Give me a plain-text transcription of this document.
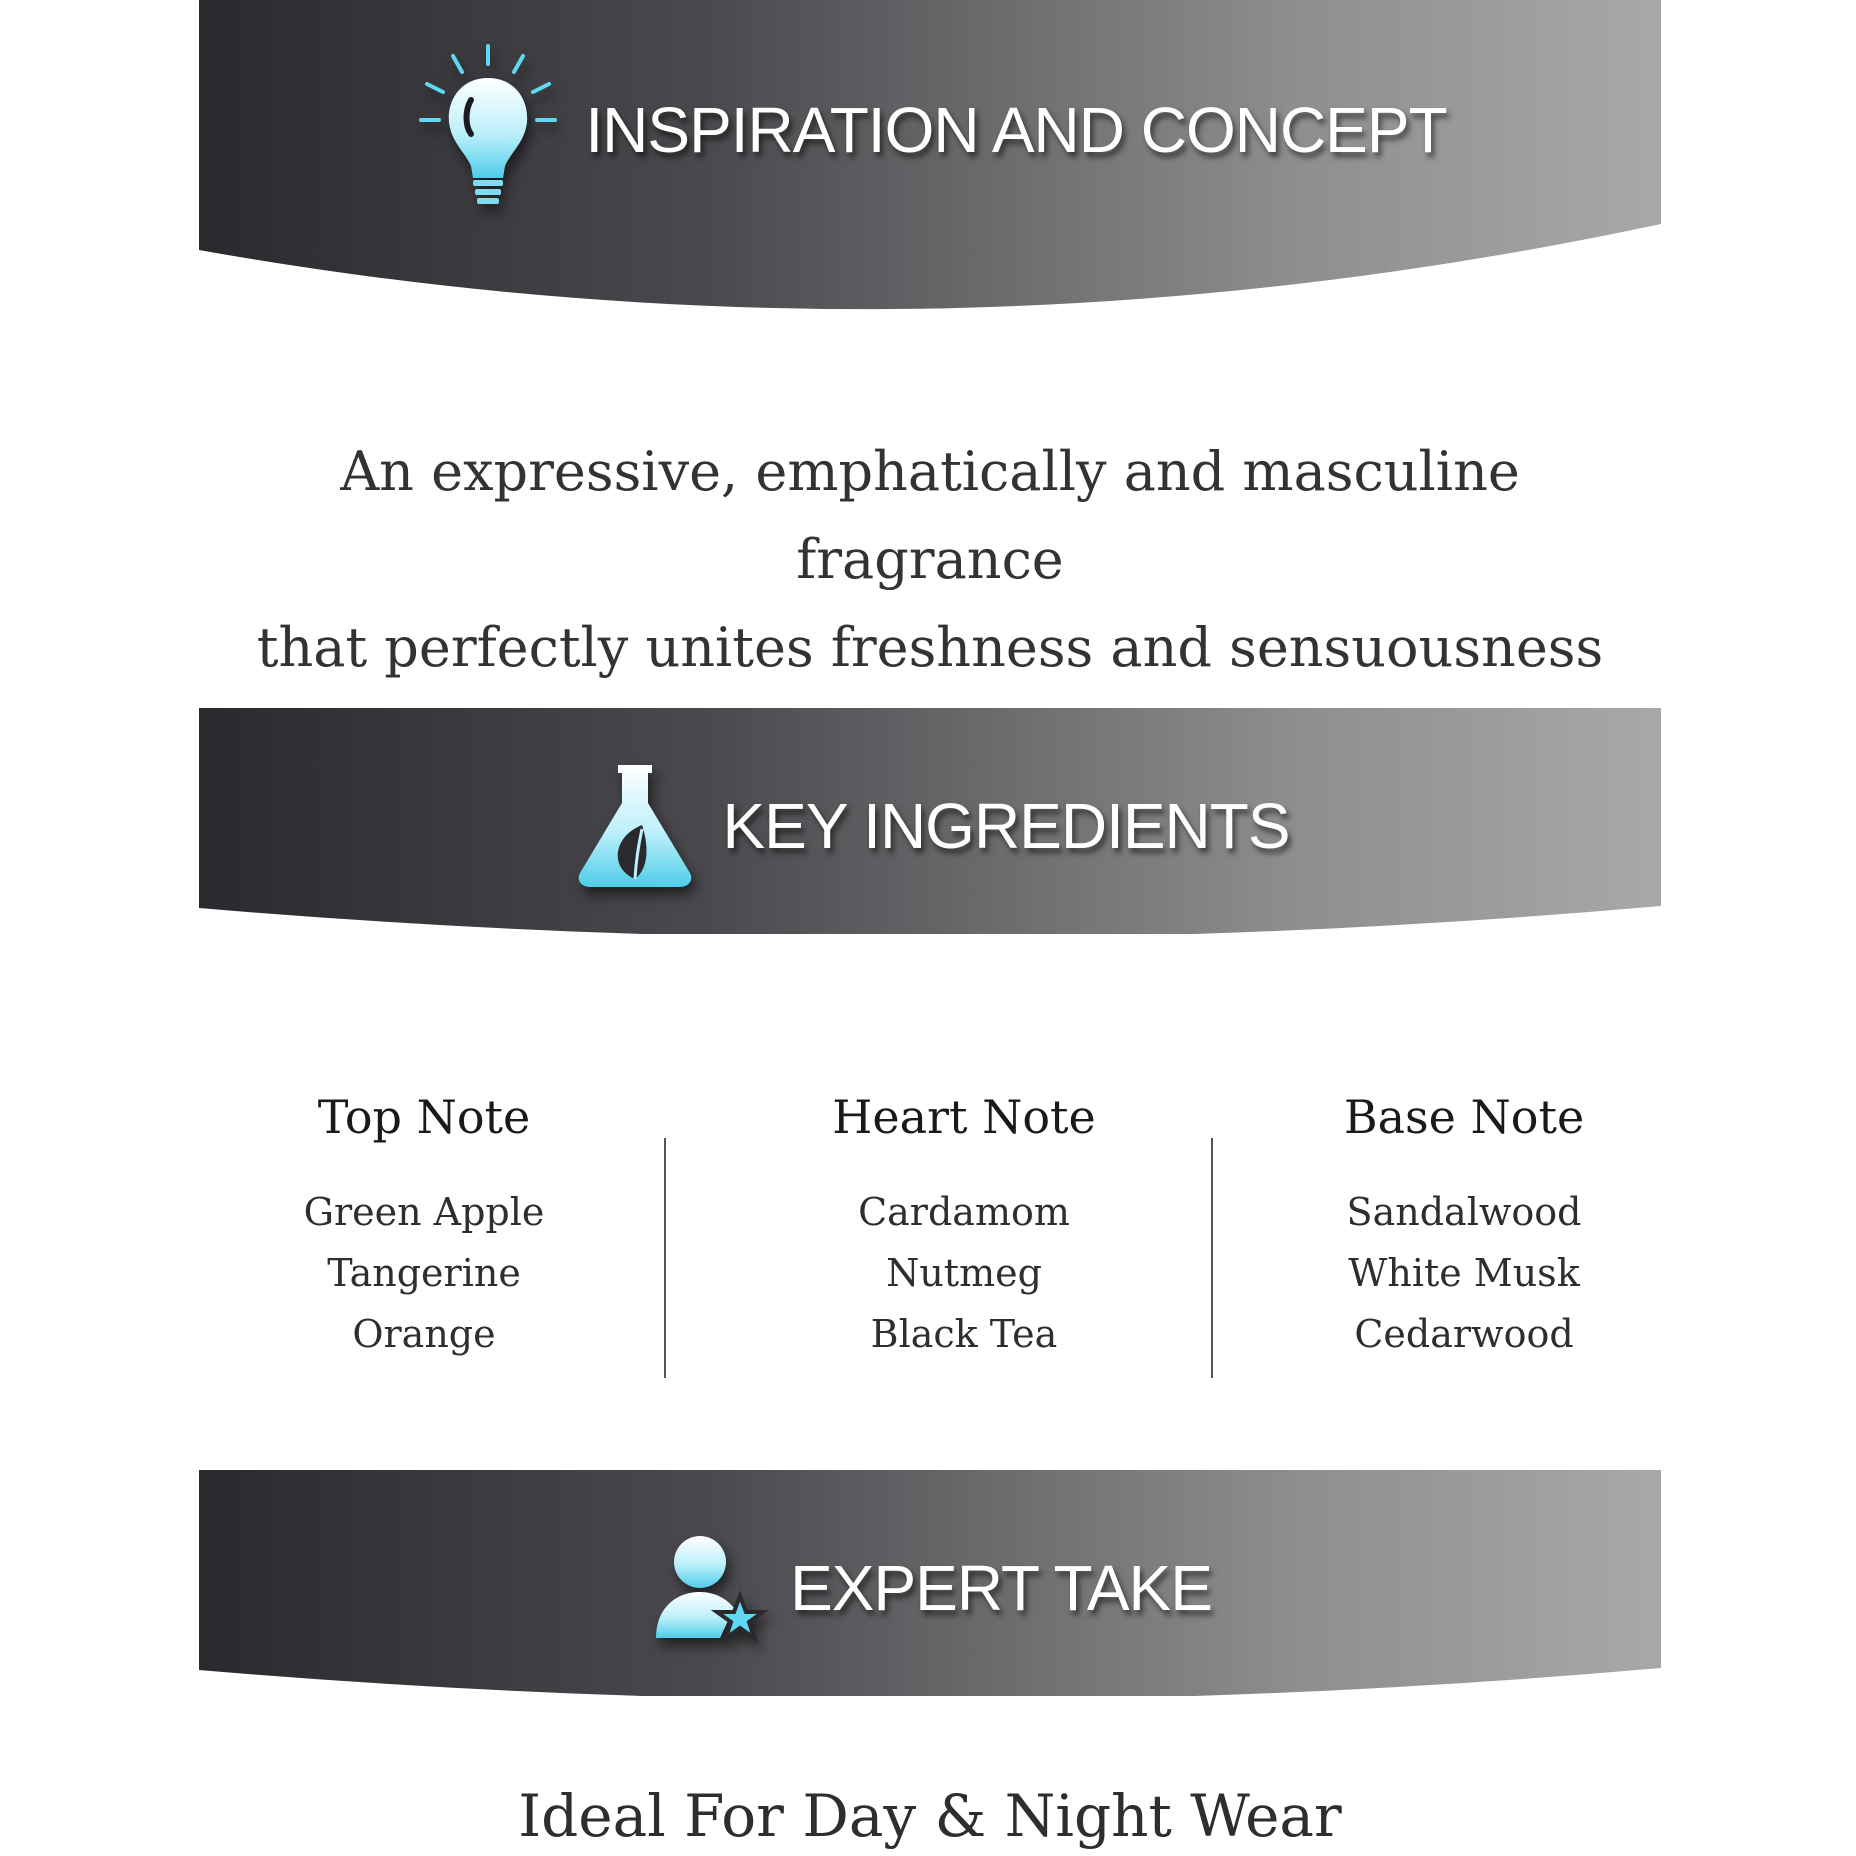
INSPIRATION AND CONCEPT
An expressive, emphatically and masculine fragrance
that perfectly unites freshness and sensuousness
KEY INGREDIENTS
Top Note
Green Apple
Tangerine
Orange
Heart Note
Cardamom
Nutmeg
Black Tea
Base Note
Sandalwood
White Musk
Cedarwood
EXPERT TAKE
Ideal For Day & Night Wear
